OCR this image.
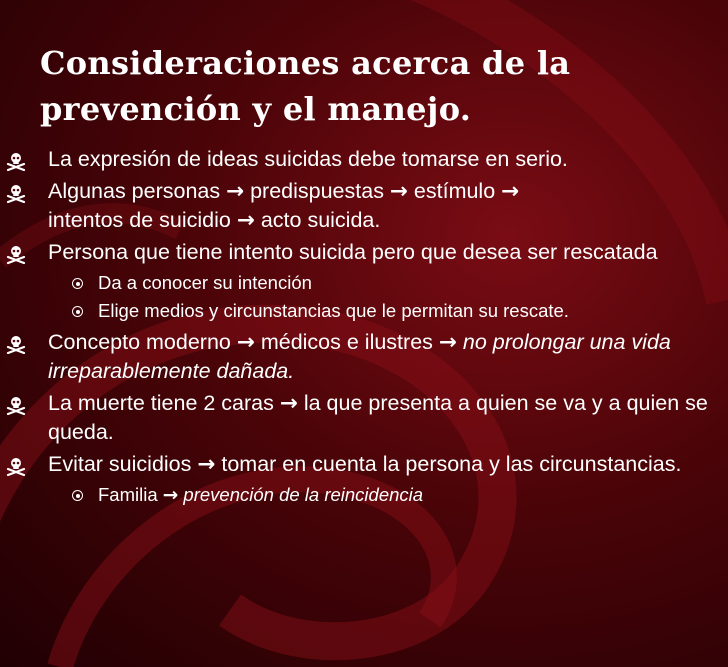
Consideraciones acerca de la
prevención y el manejo.
La expresión de ideas suicidas debe tomarse en serio.
Algunas personas → predispuestas → estímulo →
intentos de suicidio → acto suicida.
Persona que tiene intento suicida pero que desea ser rescatada
Da a conocer su intención
Elige medios y circunstancias que le permitan su rescate.
Concepto moderno → médicos e ilustres → no prolongar una vida irreparablemente dañada.
La muerte tiene 2 caras → la que presenta a quien se va y a quien se queda.
Evitar suicidios → tomar en cuenta la persona y las circunstancias.
Familia → prevención de la reincidencia
